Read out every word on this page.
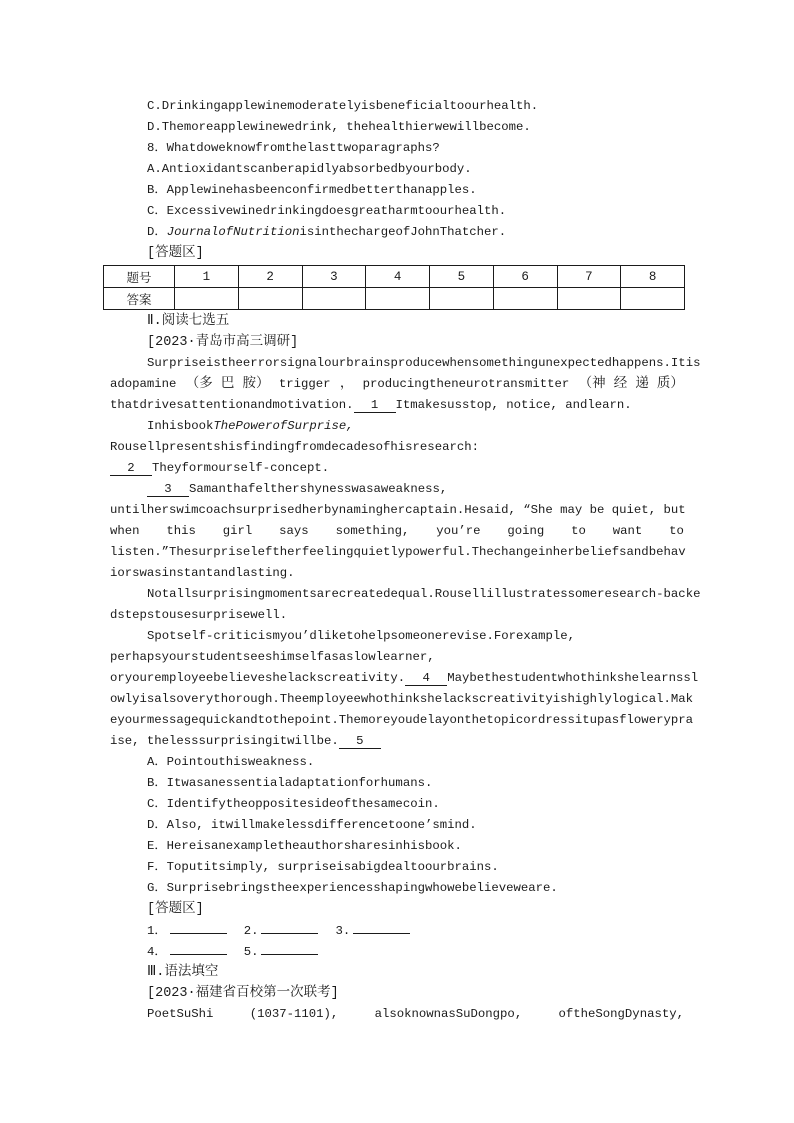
C.Drinkingapplewinemoderatelyisbeneficialtoourhealth.
D.Themoreapplewinewedrink, thehealthierwewillbecome.
8．Whatdoweknowfromthelasttwoparagraphs?
A.Antioxidantscanberapidlyabsorbedbyourbody.
B．Applewinehasbeenconfirmedbetterthanapples.
C．Excessivewinedrinkingdoesgreatharmtoourhealth.
D．JournalofNutritionisinthechargeofJohnThatcher.
[答题区]
题号	1	2	3	4	5	6	7	8
答案								
Ⅱ.阅读七选五
[2023·青岛市高三调研]
Surpriseistheerrorsignalourbrainsproducewhensomethingunexpectedhappens.Itis
adopamine （多 巴 胺） trigger ， producingtheneurotransmitter （神 经 递 质）
thatdrivesattentionandmotivation. 1 Itmakesusstop, notice, andlearn.
InhisbookThePowerofSurprise,
Rousellpresentshisfindingfromdecadesofhisresearch:
2 Theyformourself-concept.
3 Samanthafelthershynesswasaweakness,
untilherswimcoachsurprisedherbynaminghercaptain.Hesaid, “She may be quiet, but
when this girl says something, you’re going to want to
listen.”Thesurpriseleftherfeelingquietlypowerful.Thechangeinherbeliefsandbehav
iorswasinstantandlasting.
Notallsurprisingmomentsarecreatedequal.Rousellillustratessomeresearch-backe
dstepstousesurprisewell.
Spotself-criticismyou’dliketohelpsomeonerevise.Forexample,
perhapsyourstudentseeshimselfasaslowlearner,
oryouremployeebelieveshelackscreativity. 4 Maybethestudentwhothinkshelearnssl
owlyisalsoverythorough.Theemployeewhothinkshelackscreativityishighlylogical.Mak
eyourmessagequickandtothepoint.Themoreyoudelayonthetopicordressitupasflowerypra
ise, thelesssurprisingitwillbe. 5
A．Pointouthisweakness.
B．Itwasanessentialadaptationforhumans.
C．Identifytheoppositesideofthesamecoin.
D．Also, itwillmakelessdifferencetoone’smind.
E．Hereisanexampletheauthorsharesinhisbook.
F．Toputitsimply, surpriseisabigdealtoourbrains.
G．Surprisebringstheexperiencesshapingwhowebelieveweare.
[答题区]
1．	2.	3.
4．	5.
Ⅲ.语法填空
[2023·福建省百校第一次联考]
PoetSuShi	(1037-1101),	alsoknownasSuDongpo,	oftheSongDynasty,
